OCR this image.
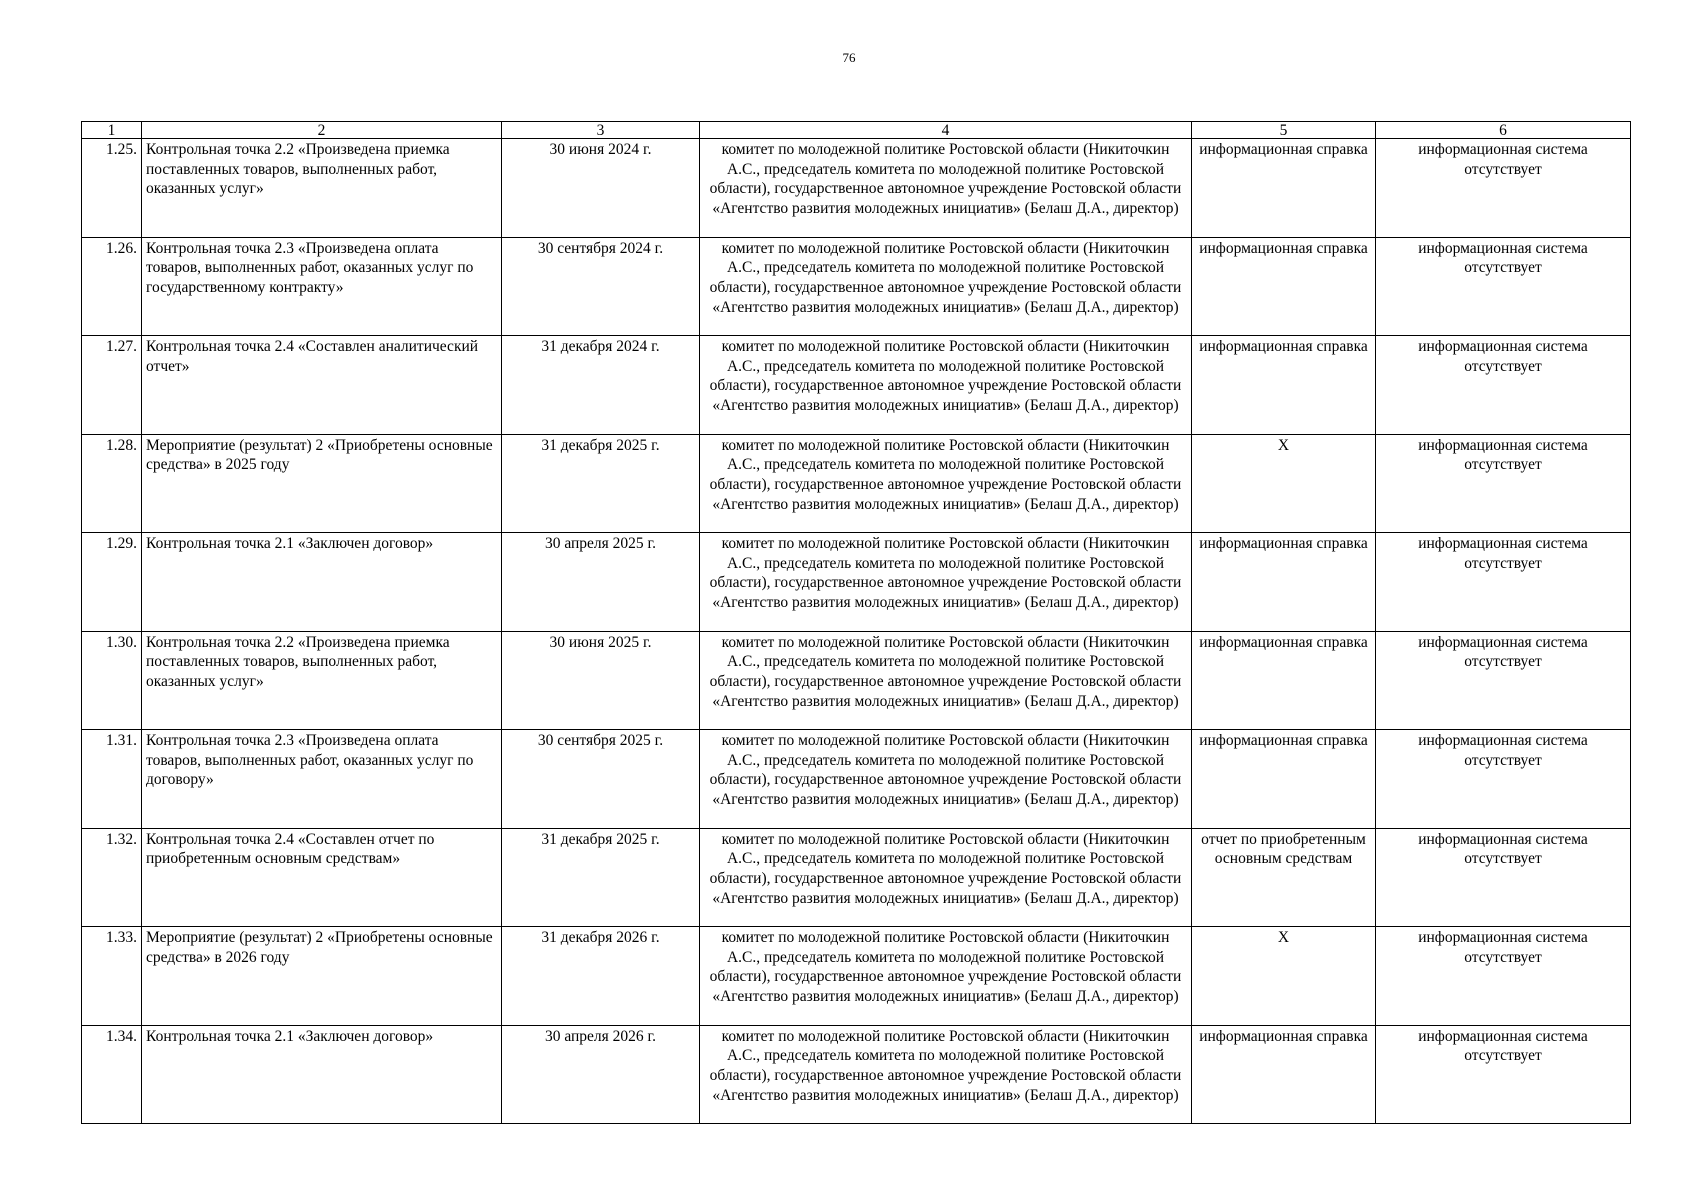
76
1	2	3	4	5	6
1.25.	Контрольная точка 2.2 «Произведена приемка поставленных товаров, выполненных работ, оказанных услуг»	30 июня 2024 г.	комитет по молодежной политике Ростовской области (Никиточкин А.С., председатель комитета по молодежной политике Ростовской области), государственное автономное учреждение Ростовской области «Агентство развития молодежных инициатив» (Белаш Д.А., директор)	информационная справка	информационная система отсутствует
1.26.	Контрольная точка 2.3 «Произведена оплата товаров, выполненных работ, оказанных услуг по государственному контракту»	30 сентября 2024 г.	комитет по молодежной политике Ростовской области (Никиточкин А.С., председатель комитета по молодежной политике Ростовской области), государственное автономное учреждение Ростовской области «Агентство развития молодежных инициатив» (Белаш Д.А., директор)	информационная справка	информационная система отсутствует
1.27.	Контрольная точка 2.4 «Составлен аналитический отчет»	31 декабря 2024 г.	комитет по молодежной политике Ростовской области (Никиточкин А.С., председатель комитета по молодежной политике Ростовской области), государственное автономное учреждение Ростовской области «Агентство развития молодежных инициатив» (Белаш Д.А., директор)	информационная справка	информационная система отсутствует
1.28.	Мероприятие (результат) 2 «Приобретены основные средства» в 2025 году	31 декабря 2025 г.	комитет по молодежной политике Ростовской области (Никиточкин А.С., председатель комитета по молодежной политике Ростовской области), государственное автономное учреждение Ростовской области «Агентство развития молодежных инициатив» (Белаш Д.А., директор)	Х	информационная система отсутствует
1.29.	Контрольная точка 2.1 «Заключен договор»	30 апреля 2025 г.	комитет по молодежной политике Ростовской области (Никиточкин А.С., председатель комитета по молодежной политике Ростовской области), государственное автономное учреждение Ростовской области «Агентство развития молодежных инициатив» (Белаш Д.А., директор)	информационная справка	информационная система отсутствует
1.30.	Контрольная точка 2.2 «Произведена приемка поставленных товаров, выполненных работ, оказанных услуг»	30 июня 2025 г.	комитет по молодежной политике Ростовской области (Никиточкин А.С., председатель комитета по молодежной политике Ростовской области), государственное автономное учреждение Ростовской области «Агентство развития молодежных инициатив» (Белаш Д.А., директор)	информационная справка	информационная система отсутствует
1.31.	Контрольная точка 2.3 «Произведена оплата товаров, выполненных работ, оказанных услуг по договору»	30 сентября 2025 г.	комитет по молодежной политике Ростовской области (Никиточкин А.С., председатель комитета по молодежной политике Ростовской области), государственное автономное учреждение Ростовской области «Агентство развития молодежных инициатив» (Белаш Д.А., директор)	информационная справка	информационная система отсутствует
1.32.	Контрольная точка 2.4 «Составлен отчет по приобретенным основным средствам»	31 декабря 2025 г.	комитет по молодежной политике Ростовской области (Никиточкин А.С., председатель комитета по молодежной политике Ростовской области), государственное автономное учреждение Ростовской области «Агентство развития молодежных инициатив» (Белаш Д.А., директор)	отчет по приобретенным основным средствам	информационная система отсутствует
1.33.	Мероприятие (результат) 2 «Приобретены основные средства» в 2026 году	31 декабря 2026 г.	комитет по молодежной политике Ростовской области (Никиточкин А.С., председатель комитета по молодежной политике Ростовской области), государственное автономное учреждение Ростовской области «Агентство развития молодежных инициатив» (Белаш Д.А., директор)	Х	информационная система отсутствует
1.34.	Контрольная точка 2.1 «Заключен договор»	30 апреля 2026 г.	комитет по молодежной политике Ростовской области (Никиточкин А.С., председатель комитета по молодежной политике Ростовской области), государственное автономное учреждение Ростовской области «Агентство развития молодежных инициатив» (Белаш Д.А., директор)	информационная справка	информационная система отсутствует
